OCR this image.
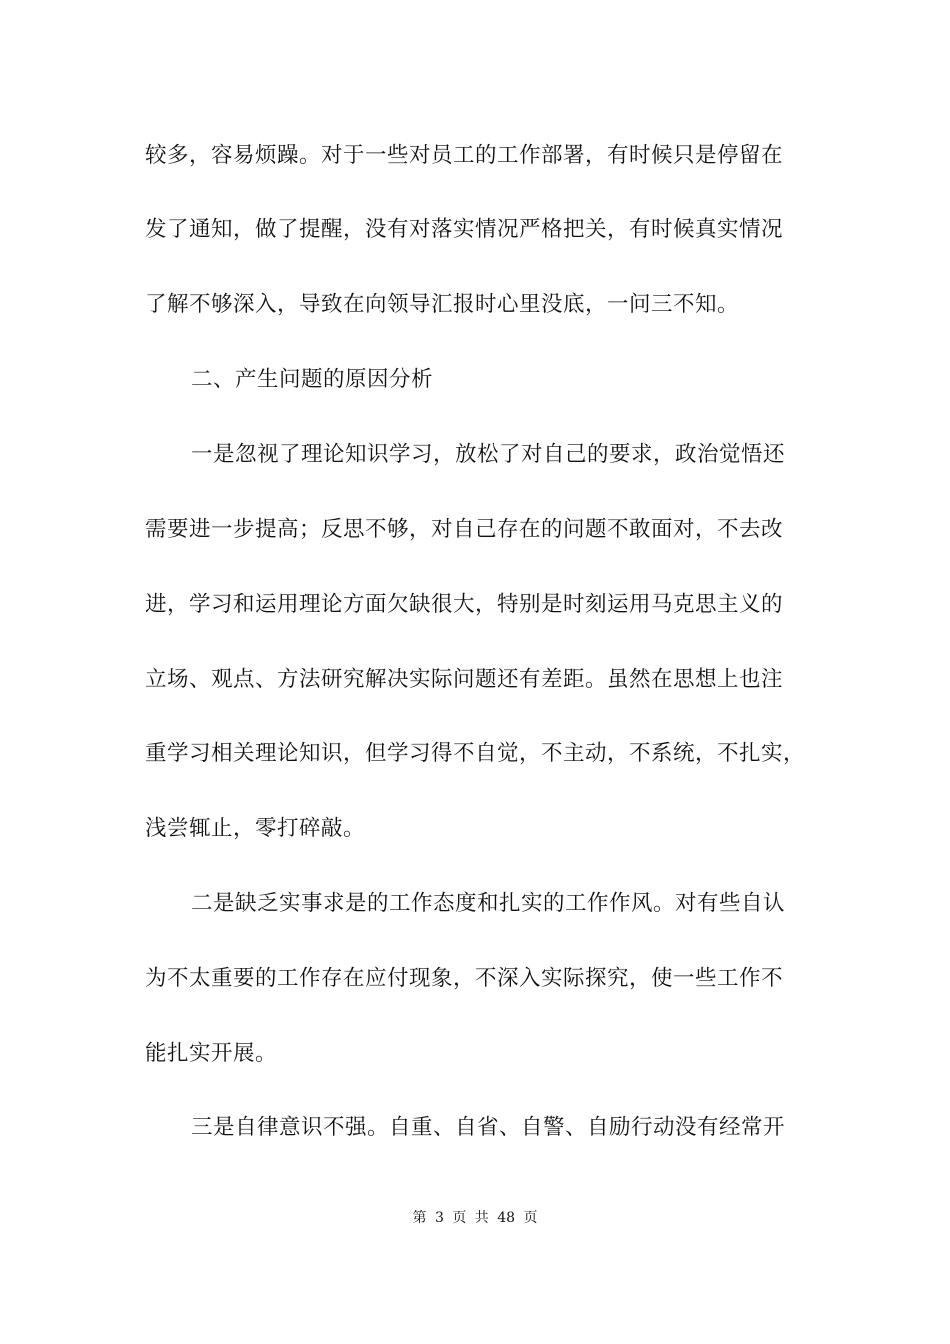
较多，容易烦躁。对于一些对员工的工作部署，有时候只是停留在
发了通知，做了提醒，没有对落实情况严格把关，有时候真实情况
了解不够深入，导致在向领导汇报时心里没底，一问三不知。
二、产生问题的原因分析
一是忽视了理论知识学习，放松了对自己的要求，政治觉悟还
需要进一步提高；反思不够，对自己存在的问题不敢面对，不去改
进，学习和运用理论方面欠缺很大，特别是时刻运用马克思主义的
立场、观点、方法研究解决实际问题还有差距。虽然在思想上也注
重学习相关理论知识，但学习得不自觉，不主动，不系统，不扎实，
浅尝辄止，零打碎敲。
二是缺乏实事求是的工作态度和扎实的工作作风。对有些自认
为不太重要的工作存在应付现象，不深入实际探究，使一些工作不
能扎实开展。
三是自律意识不强。自重、自省、自警、自励行动没有经常开
第 3 页 共 48 页
